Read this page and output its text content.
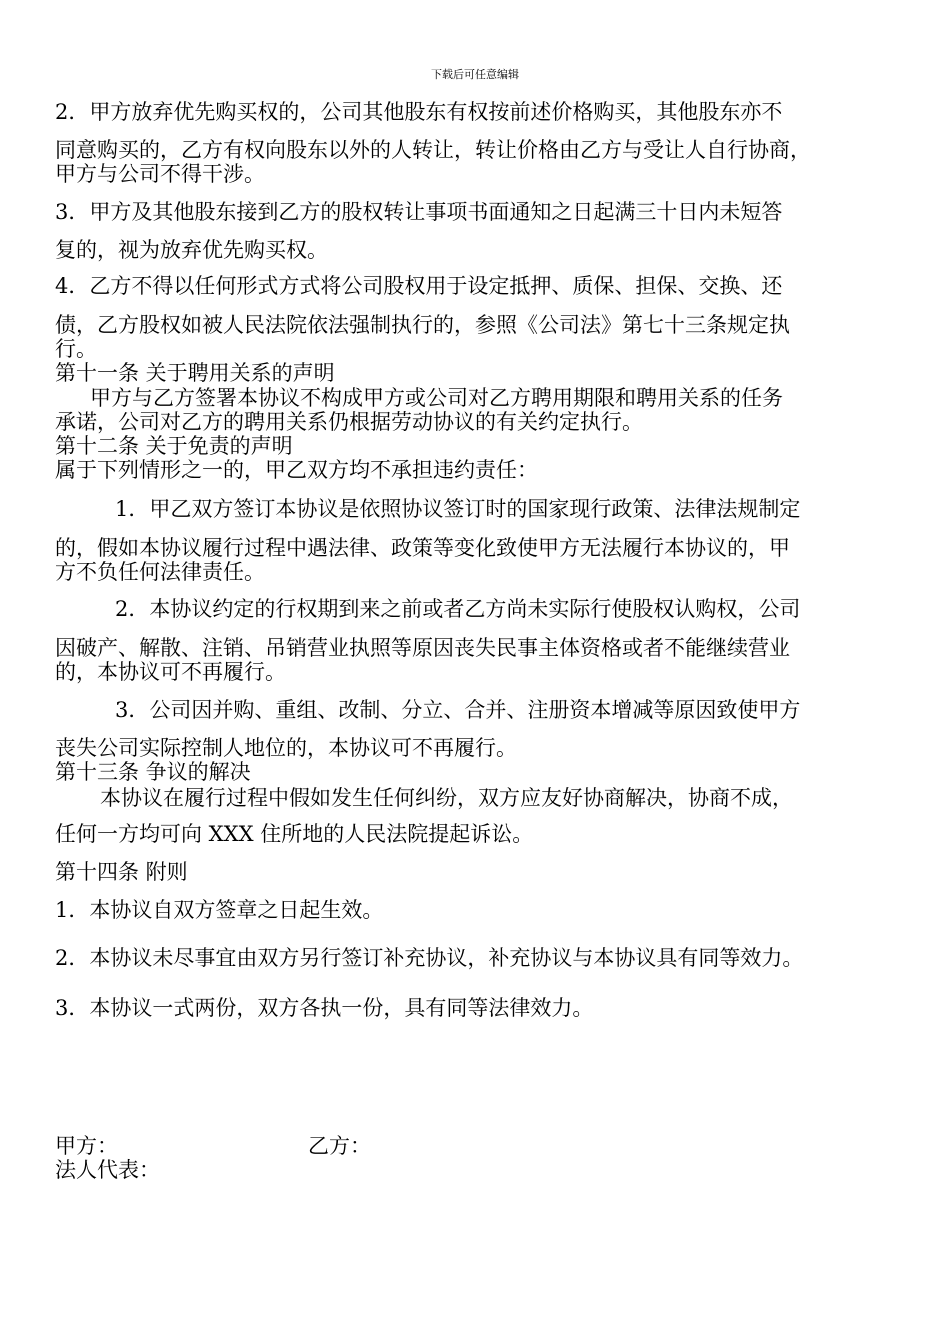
下载后可任意编辑
2．甲方放弃优先购买权的，公司其他股东有权按前述价格购买，其他股东亦不
同意购买的，乙方有权向股东以外的人转让，转让价格由乙方与受让人自行协商，
甲方与公司不得干涉。
3．甲方及其他股东接到乙方的股权转让事项书面通知之日起满三十日内未短答
复的，视为放弃优先购买权。
4．乙方不得以任何形式方式将公司股权用于设定抵押、质保、担保、交换、还
债，乙方股权如被人民法院依法强制执行的，参照《公司法》第七十三条规定执
行。
第十一条 关于聘用关系的声明
甲方与乙方签署本协议不构成甲方或公司对乙方聘用期限和聘用关系的任务
承诺，公司对乙方的聘用关系仍根据劳动协议的有关约定执行。
第十二条 关于免责的声明
属于下列情形之一的，甲乙双方均不承担违约责任：
1．甲乙双方签订本协议是依照协议签订时的国家现行政策、法律法规制定
的，假如本协议履行过程中遇法律、政策等变化致使甲方无法履行本协议的，甲
方不负任何法律责任。
2．本协议约定的行权期到来之前或者乙方尚未实际行使股权认购权，公司
因破产、解散、注销、吊销营业执照等原因丧失民事主体资格或者不能继续营业
的，本协议可不再履行。
3．公司因并购、重组、改制、分立、合并、注册资本增减等原因致使甲方
丧失公司实际控制人地位的，本协议可不再履行。
第十三条 争议的解决
本协议在履行过程中假如发生任何纠纷，双方应友好协商解决，协商不成，
任何一方均可向 XXX 住所地的人民法院提起诉讼。
第十四条 附则
1．本协议自双方签章之日起生效。
2．本协议未尽事宜由双方另行签订补充协议，补充协议与本协议具有同等效力。
3．本协议一式两份，双方各执一份，具有同等法律效力。
甲方：	乙方：
法人代表：
